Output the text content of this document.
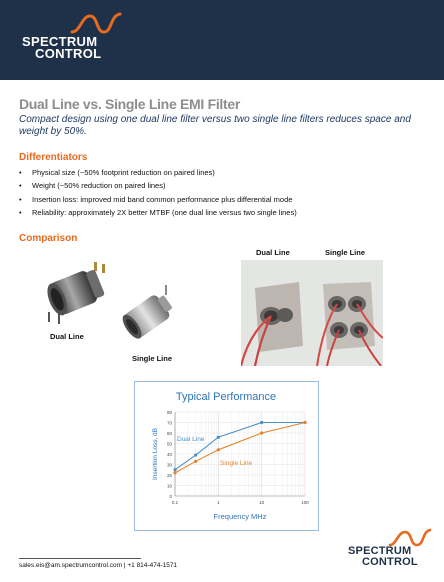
SPECTRUM
CONTROL
Dual Line vs. Single Line EMI Filter
Compact design using one dual line filter versus two single line filters reduces space and weight by 50%.
Differentiators
• Physical size (~50% footprint reduction on paired lines)
• Weight (~50% reduction on paired lines)
• Insertion loss: improved mid band common performance plus differential mode
• Reliability: approximately 2X better MTBF (one dual line versus two single lines)
Comparison
Dual Line
Single Line
Dual Line	Single Line
Typical Performance
0
10
20
30
40
50
60
70
80
0.1	1	10	100
Frequency MHz
Insertion Loss, dB	Dual Line
Single Line
sales.eis@am.spectrumcontrol.com | +1 814-474-1571
SPECTRUM
CONTROL
